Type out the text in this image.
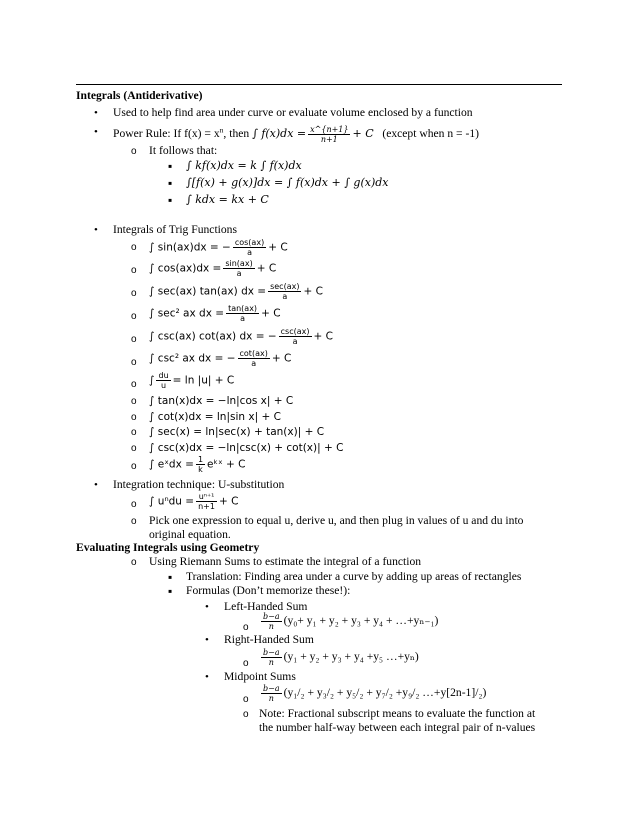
Integrals (Antiderivative)
•
Used to help find area under curve or evaluate volume enclosed by a function
•
Power Rule: If $f(x) = x^n$, then ∫ $f(x)dx = \frac{x\^{}\{n+1\}}{n+1} + C$ (except when n = -1)
o
It follows that:
▪
∫ kf(x)dx = k ∫ f(x)dx
▪
∫[f(x) + g(x)]dx = ∫ f(x)dx + ∫ g(x)dx
▪
∫ kdx = kx + C
•
Integrals of Trig Functions
o
∫ sin(ax)dx = − $\frac{\cos(ax)}{a} + C$
o
∫ $\cos(ax)dx = \frac{\sin(ax)}{a} + C$
o
∫ sec(ax) tan(ax) dx = sec(ax)
a	+ C
o
∫ sec² ax dx = $\frac{\tan(ax)}{a} + C$
o
∫ csc(ax) cot(ax) dx = − csc(ax)
a	+ C
o
∫ csc² ax dx = − $\frac{\cot(ax)}{a} + C$
o
∫ $\frac{du}{u} = \ln |u| + C$
o
∫ tan(x)dx = −ln|cos x| + C
o
∫ cot(x)dx = ln|sin x| + C
o
∫ sec(x) = ln|sec(x) + tan(x)| + C
o
∫ csc(x)dx = −ln|csc(x) + cot(x)| + C
o
∫ eˣdx = $\frac{1}{k}$ eᵏˣ + C
•
Integration technique: U-substitution
o
∫ $u^ndu = \frac{\text{uⁿ⁺¹}}{n+1} + C$
o
Pick one expression to equal u, derive u, and then plug in values of u and du into
original equation.
Evaluating Integrals using Geometry
o
Using Riemann Sums to estimate the integral of a function
▪
Translation: Finding area under a curve by adding up areas of rectangles
▪
Formulas (Don’t memorize these!):
•
Left-Handed Sum
o
$\frac{b-a}{n} (y_0+ y_1 + y_2 + y_3 + y_4$ + …+yₙ₋₁)
•
Right-Handed Sum
o
$\frac{b-a}{n} (y_1 + y_2 + y_3 + y_4 +y_5$ …+yₙ)
•
Midpoint Sums
o
$\frac{b-a}{n} (y_1/_2 + y_3/_2 + y_5/_2 + y_7/_2 +y_9/_2$ …+y[2n-1]/₂)
o
Note: Fractional subscript means to evaluate the function at
the number half-way between each integral pair of n-values
